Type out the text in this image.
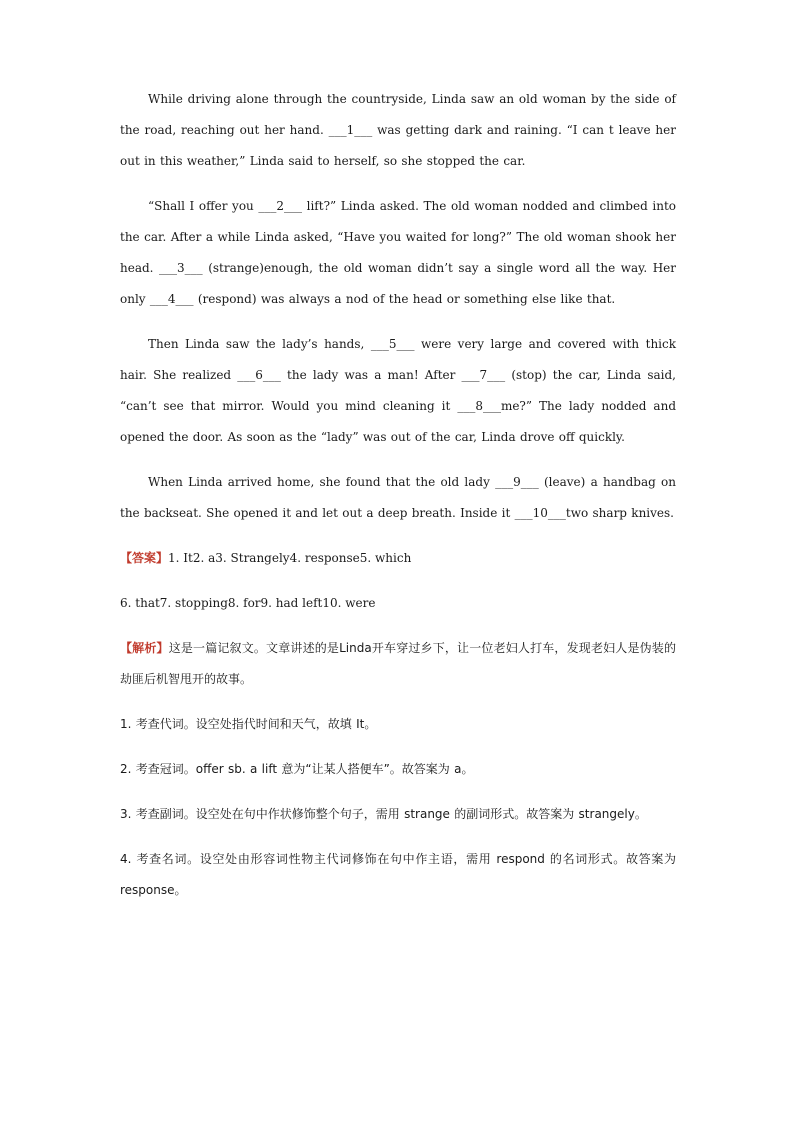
While driving alone through the countryside, Linda saw an old woman by the side of the road, reaching out her hand. ___1___ was getting dark and raining. “I can t leave her out in this weather,” Linda said to herself, so she stopped the car.

“Shall I offer you ___2___ lift?” Linda asked. The old woman nodded and climbed into the car. After a while Linda asked, “Have you waited for long?” The old woman shook her head. ___3___ (strange)enough, the old woman didn’t say a single word all the way. Her only ___4___ (respond) was always a nod of the head or something else like that.

Then Linda saw the lady’s hands, ___5___ were very large and covered with thick hair. She realized ___6___ the lady was a man! After ___7___ (stop) the car, Linda said, “can’t see that mirror. Would you mind cleaning it ___8___me?” The lady nodded and opened the door. As soon as the “lady” was out of the car, Linda drove off quickly.

When Linda arrived home, she found that the old lady ___9___ (leave) a handbag on the backseat. She opened it and let out a deep breath. Inside it ___10___two sharp knives.

【答案】1. It2. a3. Strangely4. response5. which

6. that7. stopping8. for9. had left10. were

【解析】这是一篇记叙文。文章讲述的是Linda开车穿过乡下，让一位老妇人打车，发现老妇人是伪装的劫匪后机智甩开的故事。

1. 考查代词。设空处指代时间和天气，故填 It。

2. 考查冠词。offer sb. a lift 意为“让某人搭便车”。故答案为 a。

3. 考查副词。设空处在句中作状修饰整个句子，需用 strange 的副词形式。故答案为 strangely。

4. 考查名词。设空处由形容词性物主代词修饰在句中作主语，需用 respond 的名词形式。故答案为 response。
